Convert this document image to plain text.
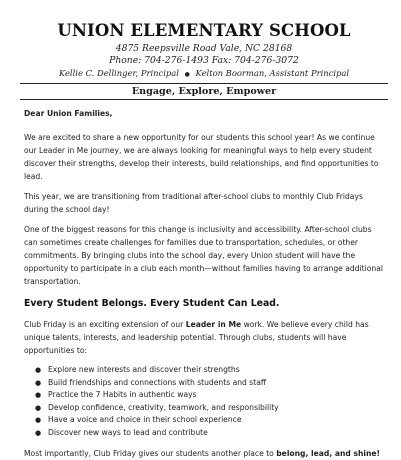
UNION ELEMENTARY SCHOOL
4875 Reepsville Road Vale, NC 28168
Phone: 704-276-1493 Fax: 704-276-3072
Kellie C. Dellinger, Principal ● Kelton Boorman, Assistant Principal
Engage, Explore, Empower
Dear Union Families,

We are excited to share a new opportunity for our students this school year! As we continue our Leader in Me journey, we are always looking for meaningful ways to help every student discover their strengths, develop their interests, build relationships, and find opportunities to lead.

This year, we are transitioning from traditional after-school clubs to monthly Club Fridays during the school day!

One of the biggest reasons for this change is inclusivity and accessibility. After-school clubs can sometimes create challenges for families due to transportation, schedules, or other commitments. By bringing clubs into the school day, every Union student will have the opportunity to participate in a club each month—without families having to arrange additional transportation.

Every Student Belongs. Every Student Can Lead.

Club Friday is an exciting extension of our Leader in Me work. We believe every child has unique talents, interests, and leadership potential. Through clubs, students will have opportunities to:

● Explore new interests and discover their strengths
● Build friendships and connections with students and staff
● Practice the 7 Habits in authentic ways
● Develop confidence, creativity, teamwork, and responsibility
● Have a voice and choice in their school experience
● Discover new ways to lead and contribute

Most importantly, Club Friday gives our students another place to belong, lead, and shine!
